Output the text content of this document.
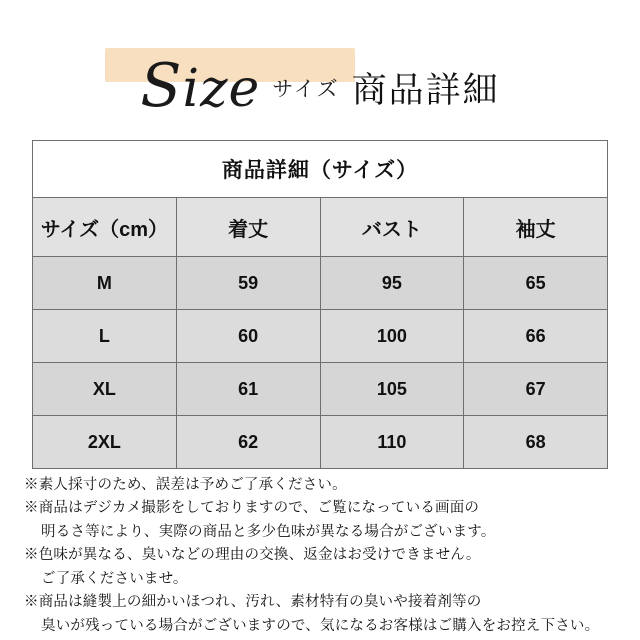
Size サイズ 商品詳細
商品詳細（サイズ）			
サイズ（cm）	着丈	バスト	袖丈
M	59	95	65
L	60	100	66
XL	61	105	67
2XL	62	110	68
※素人採寸のため、誤差は予めご了承ください。
※商品はデジカメ撮影をしておりますので、ご覧になっている画面の
明るさ等により、実際の商品と多少色味が異なる場合がございます。
※色味が異なる、臭いなどの理由の交換、返金はお受けできません。
ご了承くださいませ。
※商品は縫製上の細かいほつれ、汚れ、素材特有の臭いや接着剤等の
臭いが残っている場合がございますので、気になるお客様はご購入をお控え下さい。
